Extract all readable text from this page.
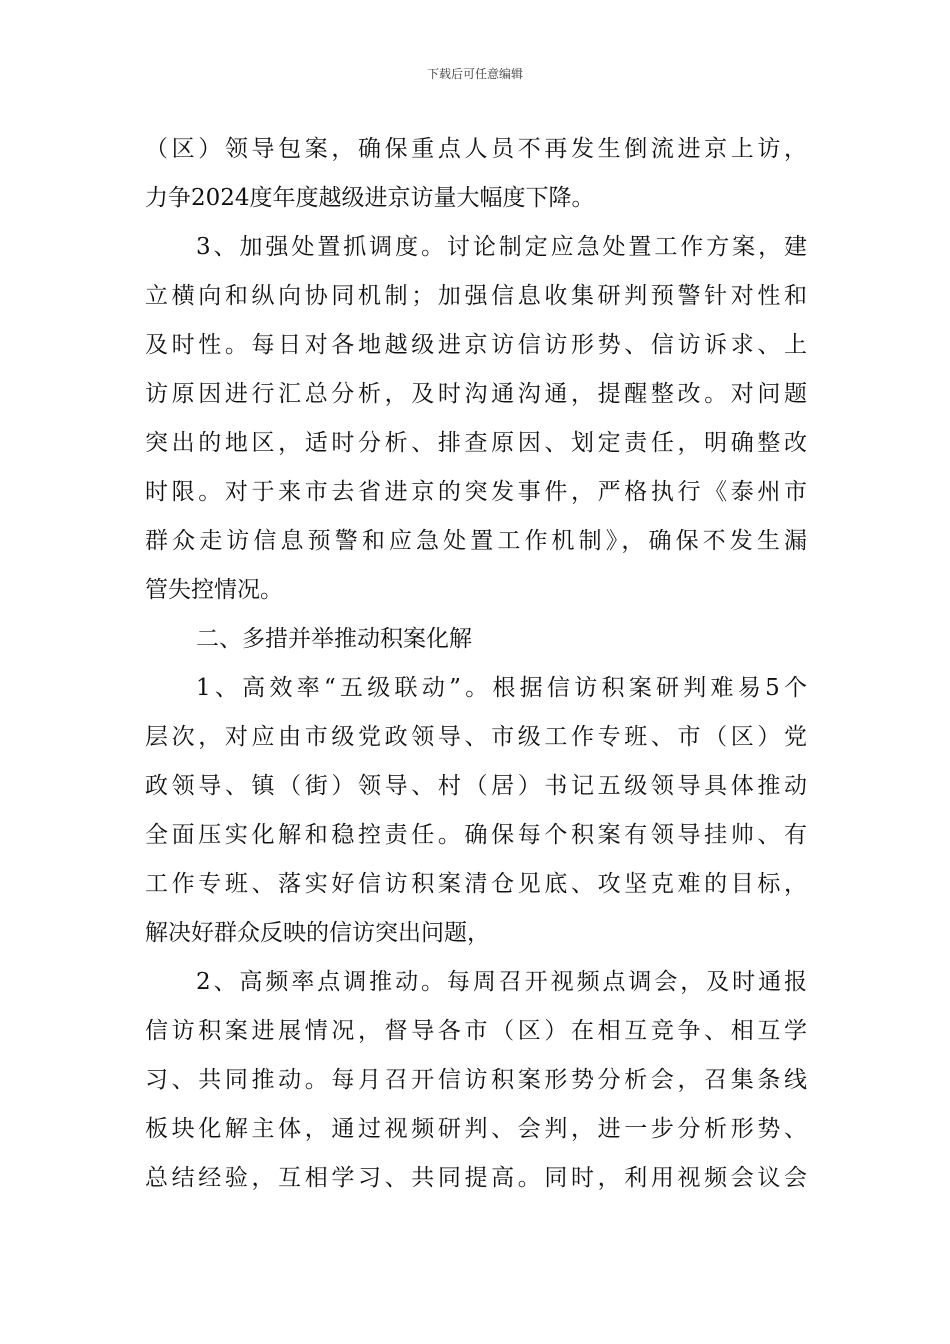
下载后可任意编辑
（区）领导包案，确保重点人员不再发生倒流进京上访，
力争2024度年度越级进京访量大幅度下降。
3、加强处置抓调度。讨论制定应急处置工作方案，建
立横向和纵向协同机制；加强信息收集研判预警针对性和
及时性。每日对各地越级进京访信访形势、信访诉求、上
访原因进行汇总分析，及时沟通沟通，提醒整改。对问题
突出的地区，适时分析、排查原因、划定责任，明确整改
时限。对于来市去省进京的突发事件，严格执行《泰州市
群众走访信息预警和应急处置工作机制》，确保不发生漏
管失控情况。
二、多措并举推动积案化解
1、高效率“五级联动”。根据信访积案研判难易5个
层次，对应由市级党政领导、市级工作专班、市（区）党
政领导、镇（街）领导、村（居）书记五级领导具体推动
全面压实化解和稳控责任。确保每个积案有领导挂帅、有
工作专班、落实好信访积案清仓见底、攻坚克难的目标，
解决好群众反映的信访突出问题，
2、高频率点调推动。每周召开视频点调会，及时通报
信访积案进展情况，督导各市（区）在相互竞争、相互学
习、共同推动。每月召开信访积案形势分析会，召集条线
板块化解主体，通过视频研判、会判，进一步分析形势、
总结经验，互相学习、共同提高。同时，利用视频会议会
